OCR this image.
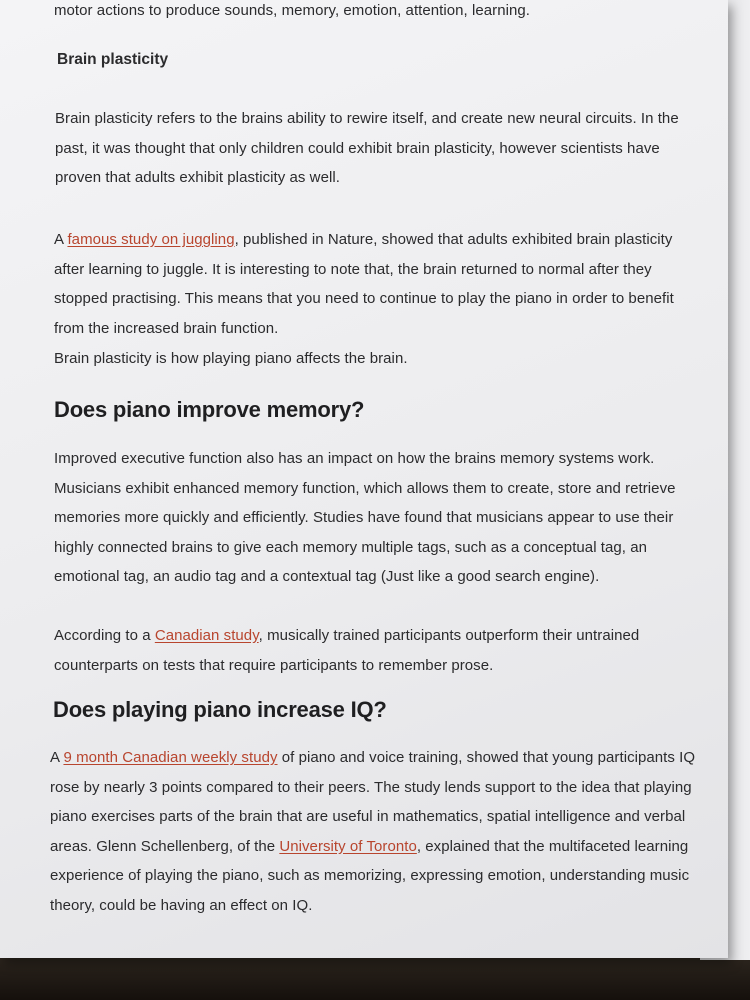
motor actions to produce sounds, memory, emotion, attention, learning.

Brain plasticity

Brain plasticity refers to the brains ability to rewire itself, and create new neural circuits. In the past, it was thought that only children could exhibit brain plasticity, however scientists have proven that adults exhibit plasticity as well.

A famous study on juggling, published in Nature, showed that adults exhibited brain plasticity after learning to juggle. It is interesting to note that, the brain returned to normal after they stopped practising. This means that you need to continue to play the piano in order to benefit from the increased brain function.

Brain plasticity is how playing piano affects the brain.

Does piano improve memory?

Improved executive function also has an impact on how the brains memory systems work. Musicians exhibit enhanced memory function, which allows them to create, store and retrieve memories more quickly and efficiently. Studies have found that musicians appear to use their highly connected brains to give each memory multiple tags, such as a conceptual tag, an emotional tag, an audio tag and a contextual tag (Just like a good search engine).

According to a Canadian study, musically trained participants outperform their untrained counterparts on tests that require participants to remember prose.

Does playing piano increase IQ?

A 9 month Canadian weekly study of piano and voice training, showed that young participants IQ rose by nearly 3 points compared to their peers. The study lends support to the idea that playing piano exercises parts of the brain that are useful in mathematics, spatial intelligence and verbal areas. Glenn Schellenberg, of the University of Toronto, explained that the multifaceted learning experience of playing the piano, such as memorizing, expressing emotion, understanding music theory, could be having an effect on IQ.
